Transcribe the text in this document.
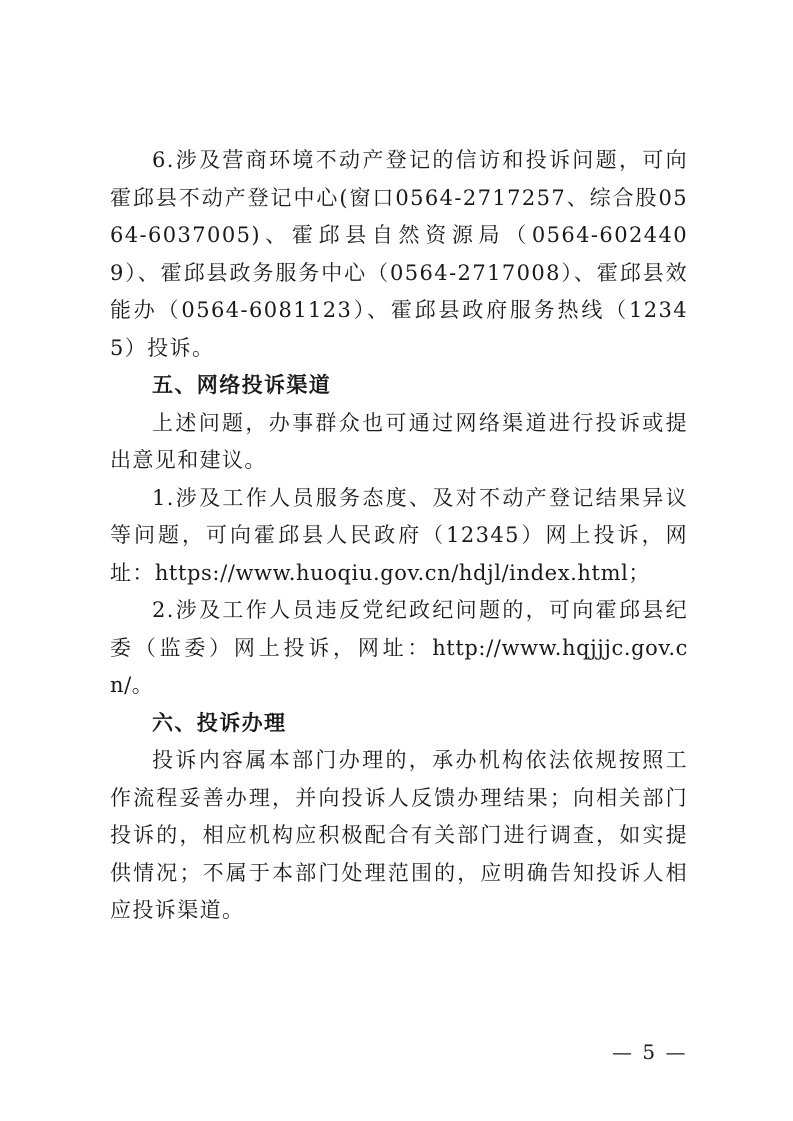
6.涉及营商环境不动产登记的信访和投诉问题，可向霍邱县不动产登记中心(窗口0564-2717257、综合股0564-6037005)、霍邱县自然资源局（0564-6024409）、霍邱县政务服务中心（0564-2717008）、霍邱县效能办（0564-6081123）、霍邱县政府服务热线（12345）投诉。

五、网络投诉渠道

上述问题，办事群众也可通过网络渠道进行投诉或提出意见和建议。

1.涉及工作人员服务态度、及对不动产登记结果异议等问题，可向霍邱县人民政府（12345）网上投诉，网址：https://www.huoqiu.gov.cn/hdjl/index.html；

2.涉及工作人员违反党纪政纪问题的，可向霍邱县纪委（监委）网上投诉，网址：http://www.hqjjjc.gov.cn/。

六、投诉办理

投诉内容属本部门办理的，承办机构依法依规按照工作流程妥善办理，并向投诉人反馈办理结果；向相关部门投诉的，相应机构应积极配合有关部门进行调查，如实提供情况；不属于本部门处理范围的，应明确告知投诉人相应投诉渠道。

— 5 —
